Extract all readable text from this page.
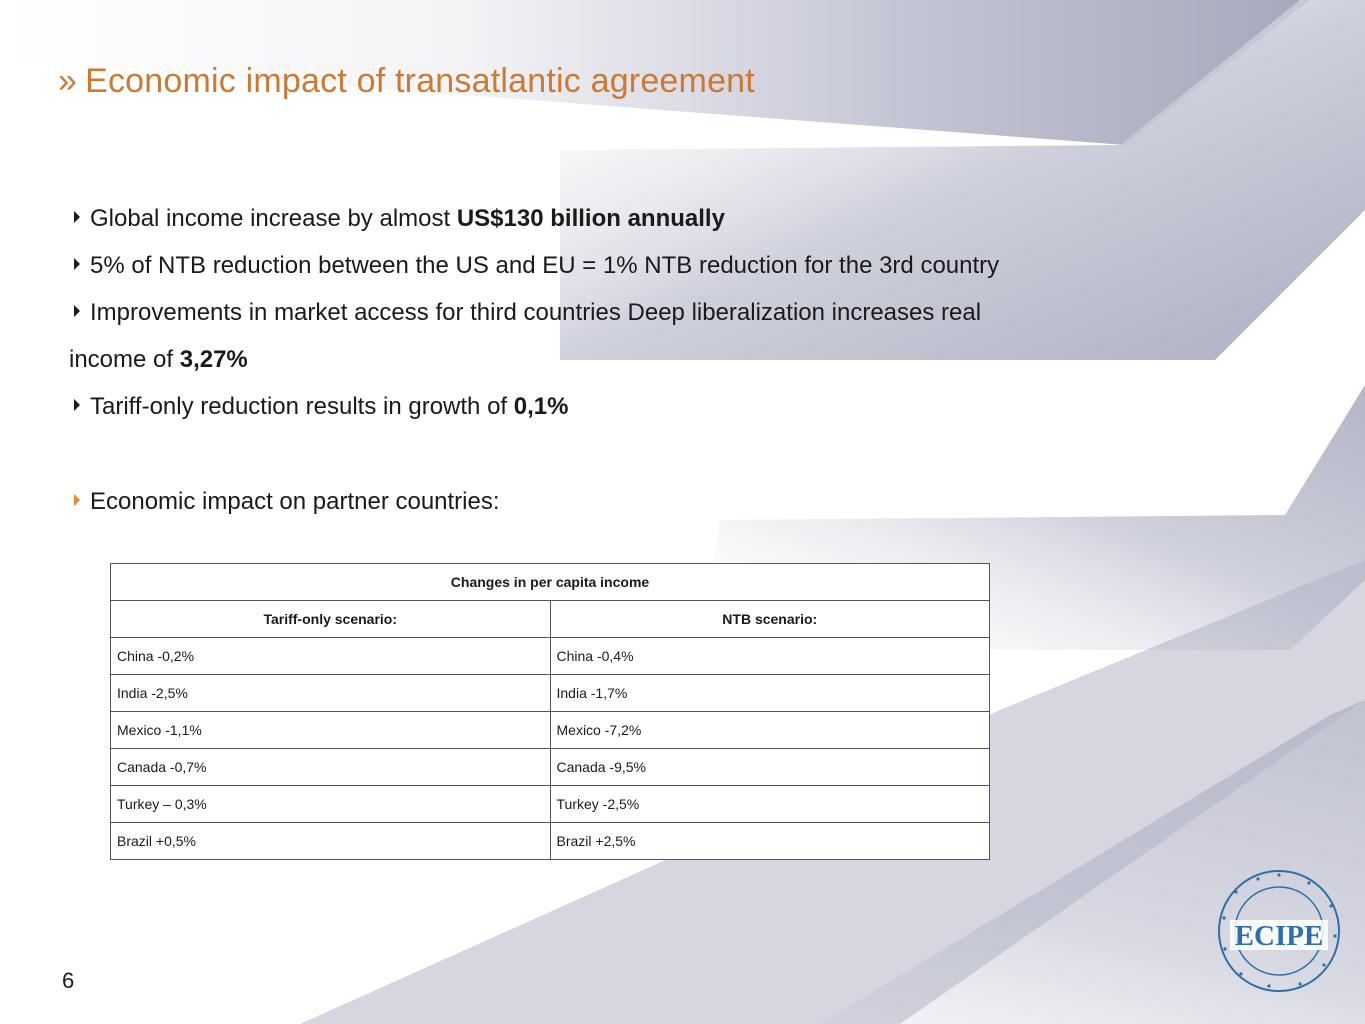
» Economic impact of transatlantic agreement
Global income increase by almost US$130 billion annually
5% of NTB reduction between the US and EU = 1% NTB reduction for the 3rd country
Improvements in market access for third countries Deep liberalization increases real
income of 3,27%
Tariff-only reduction results in growth of 0,1%
Economic impact on partner countries:
Changes in per capita income	
Tariff-only scenario:	NTB scenario:
China -0,2%	China -0,4%
India -2,5%	India -1,7%
Mexico -1,1%	Mexico -7,2%
Canada -0,7%	Canada -9,5%
Turkey – 0,3%	Turkey -2,5%
Brazil +0,5%	Brazil +2,5%
6
ECIPE
